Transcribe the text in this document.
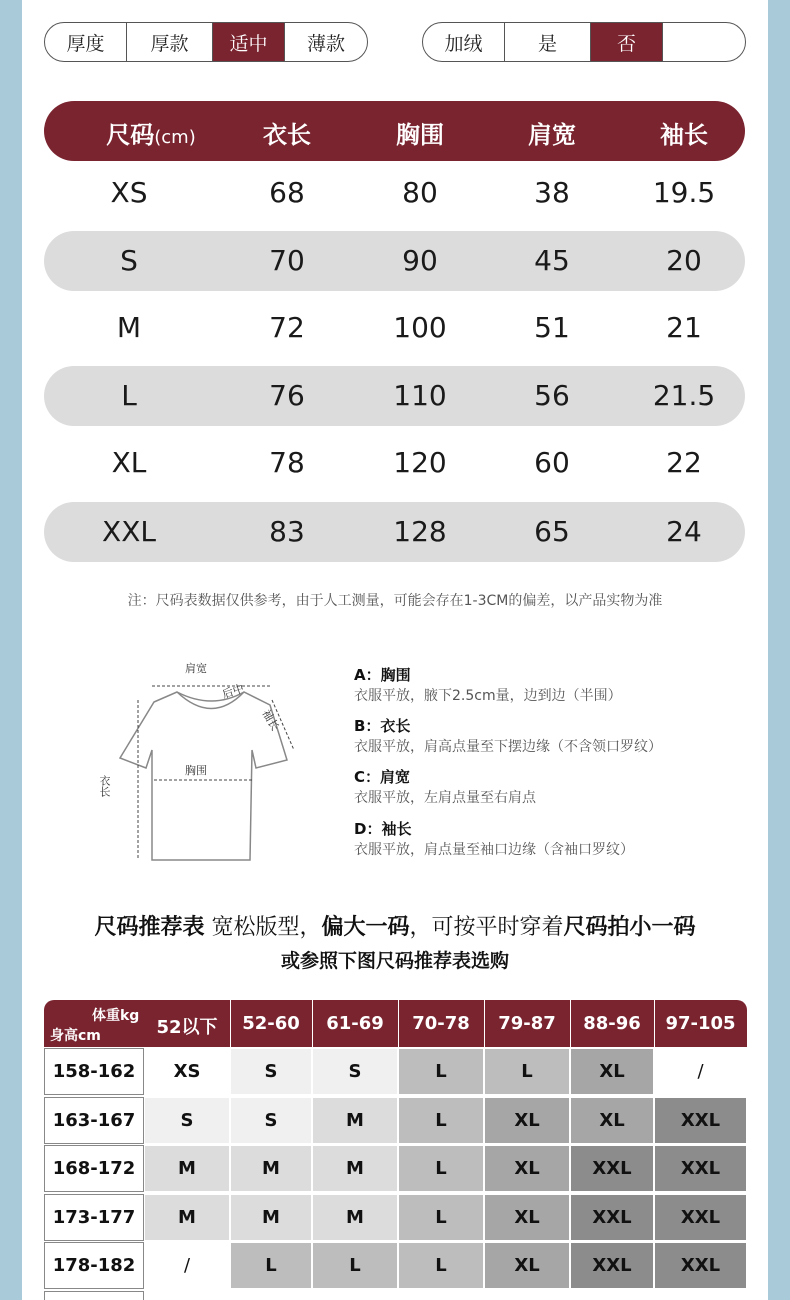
厚度	厚款	适中	薄款	加绒	是	否
尺码(cm)	衣长	胸围	肩宽	袖长
XS	68	80	38	19.5
S	70	90	45	20
M	72	100	51	21
L	76	110	56	21.5
XL	78	120	60	22
XXL	83	128	65	24
注：尺码表数据仅供参考，由于人工测量，可能会存在1-3CM的偏差，以产品实物为准
肩宽
后中
袖长
胸围
衣长
A：胸围
衣服平放，腋下2.5cm量，边到边（半围）
B：衣长
衣服平放，肩高点量至下摆边缘（不含领口罗纹）
C：肩宽
衣服平放，左肩点量至右肩点
D：袖长
衣服平放，肩点量至袖口边缘（含袖口罗纹）
尺码推荐表 宽松版型，偏大一码，可按平时穿着尺码拍小一码
或参照下图尺码推荐表选购
体重kg
身高cm	52以下	52-60	61-69	70-78	79-87	88-96	97-105
158-162	XS	S	S	L	L	XL	/
163-167	S	S	M	L	XL	XL	XXL
168-172	M	M	M	L	XL	XXL	XXL
173-177	M	M	M	L	XL	XXL	XXL
178-182	/	L	L	L	XL	XXL	XXL
